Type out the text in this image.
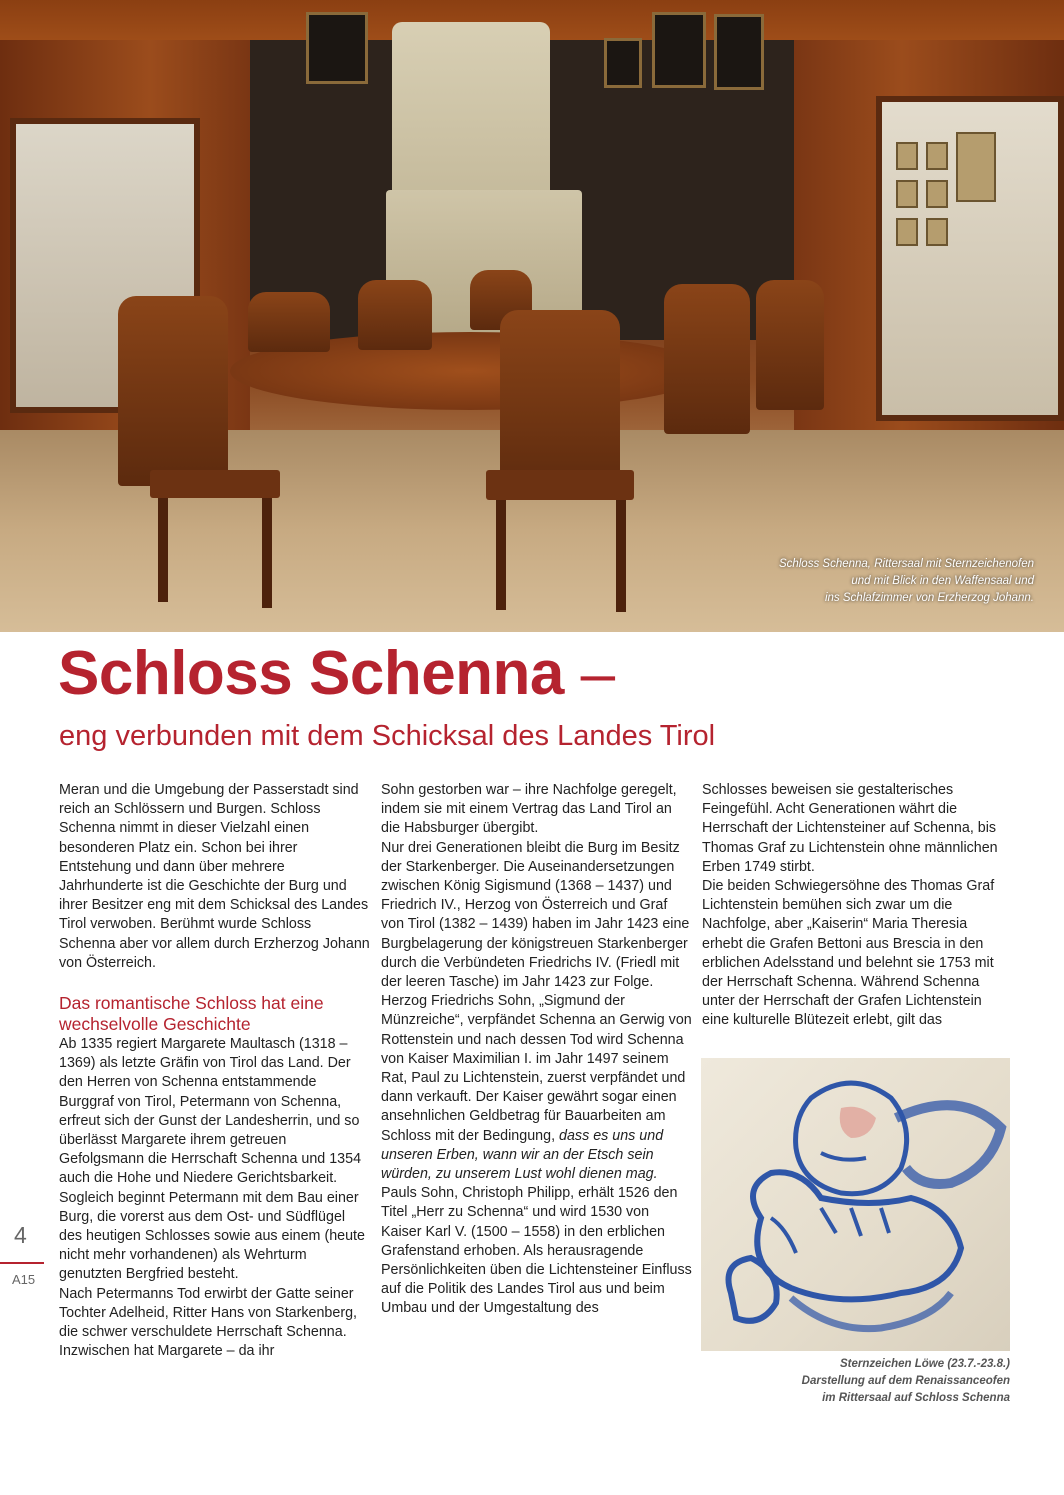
Schloss Schenna, Rittersaal mit Sternzeichenofen
und mit Blick in den Waffensaal und
ins Schlafzimmer von Erzherzog Johann.
Schloss Schenna –
eng verbunden mit dem Schicksal des Landes Tirol

Meran und die Umgebung der Passerstadt sind reich an Schlössern und Burgen. Schloss Schenna nimmt in dieser Vielzahl einen besonderen Platz ein. Schon bei ihrer Entstehung und dann über mehrere Jahrhunderte ist die Geschichte der Burg und ihrer Besitzer eng mit dem Schicksal des Landes Tirol verwoben. Berühmt wurde Schloss Schenna aber vor allem durch Erzherzog Johann von Österreich.

Das romantische Schloss hat eine wechselvolle Geschichte

Ab 1335 regiert Margarete Maultasch (1318 – 1369) als letzte Gräfin von Tirol das Land. Der den Herren von Schenna entstammende Burggraf von Tirol, Petermann von Schenna, erfreut sich der Gunst der Landesherrin, und so überlässt Margarete ihrem getreuen Gefolgsmann die Herrschaft Schenna und 1354 auch die Hohe und Niedere Gerichtsbarkeit. Sogleich beginnt Petermann mit dem Bau einer Burg, die vorerst aus dem Ost- und Südflügel des heutigen Schlosses sowie aus einem (heute nicht mehr vorhandenen) als Wehrturm genutzten Bergfried besteht.

Nach Petermanns Tod erwirbt der Gatte seiner Tochter Adelheid, Ritter Hans von Starkenberg, die schwer verschuldete Herrschaft Schenna. Inzwischen hat Margarete – da ihr

Sohn gestorben war – ihre Nachfolge geregelt, indem sie mit einem Vertrag das Land Tirol an die Habsburger übergibt.

Nur drei Generationen bleibt die Burg im Besitz der Starkenberger. Die Auseinandersetzungen zwischen König Sigismund (1368 – 1437) und Friedrich IV., Herzog von Österreich und Graf von Tirol (1382 – 1439) haben im Jahr 1423 eine Burgbelagerung der königstreuen Starkenberger durch die Verbündeten Friedrichs IV. (Friedl mit der leeren Tasche) im Jahr 1423 zur Folge.

Herzog Friedrichs Sohn, „Sigmund der Münzreiche“, verpfändet Schenna an Gerwig von Rottenstein und nach dessen Tod wird Schenna von Kaiser Maximilian I. im Jahr 1497 seinem Rat, Paul zu Lichtenstein, zuerst verpfändet und dann verkauft. Der Kaiser gewährt sogar einen ansehnlichen Geldbetrag für Bauarbeiten am Schloss mit der Bedingung, dass es uns und unseren Erben, wann wir an der Etsch sein würden, zu unserem Lust wohl dienen mag.

Pauls Sohn, Christoph Philipp, erhält 1526 den Titel „Herr zu Schenna“ und wird 1530 von Kaiser Karl V. (1500 – 1558) in den erblichen Grafenstand erhoben. Als herausragende Persönlichkeiten üben die Lichtensteiner Einfluss auf die Politik des Landes Tirol aus und beim Umbau und der Umgestaltung des

Schlosses beweisen sie gestalterisches Feingefühl. Acht Generationen währt die Herrschaft der Lichtensteiner auf Schenna, bis Thomas Graf zu Lichtenstein ohne männlichen Erben 1749 stirbt.

Die beiden Schwiegersöhne des Thomas Graf Lichtenstein bemühen sich zwar um die Nachfolge, aber „Kaiserin“ Maria Theresia erhebt die Grafen Bettoni aus Brescia in den erblichen Adelsstand und belehnt sie 1753 mit der Herrschaft Schenna. Während Schenna unter der Herrschaft der Grafen Lichtenstein eine kulturelle Blütezeit erlebt, gilt das

Sternzeichen Löwe (23.7.-23.8.)
Darstellung auf dem Renaissanceofen
im Rittersaal auf Schloss Schenna
4
A15
